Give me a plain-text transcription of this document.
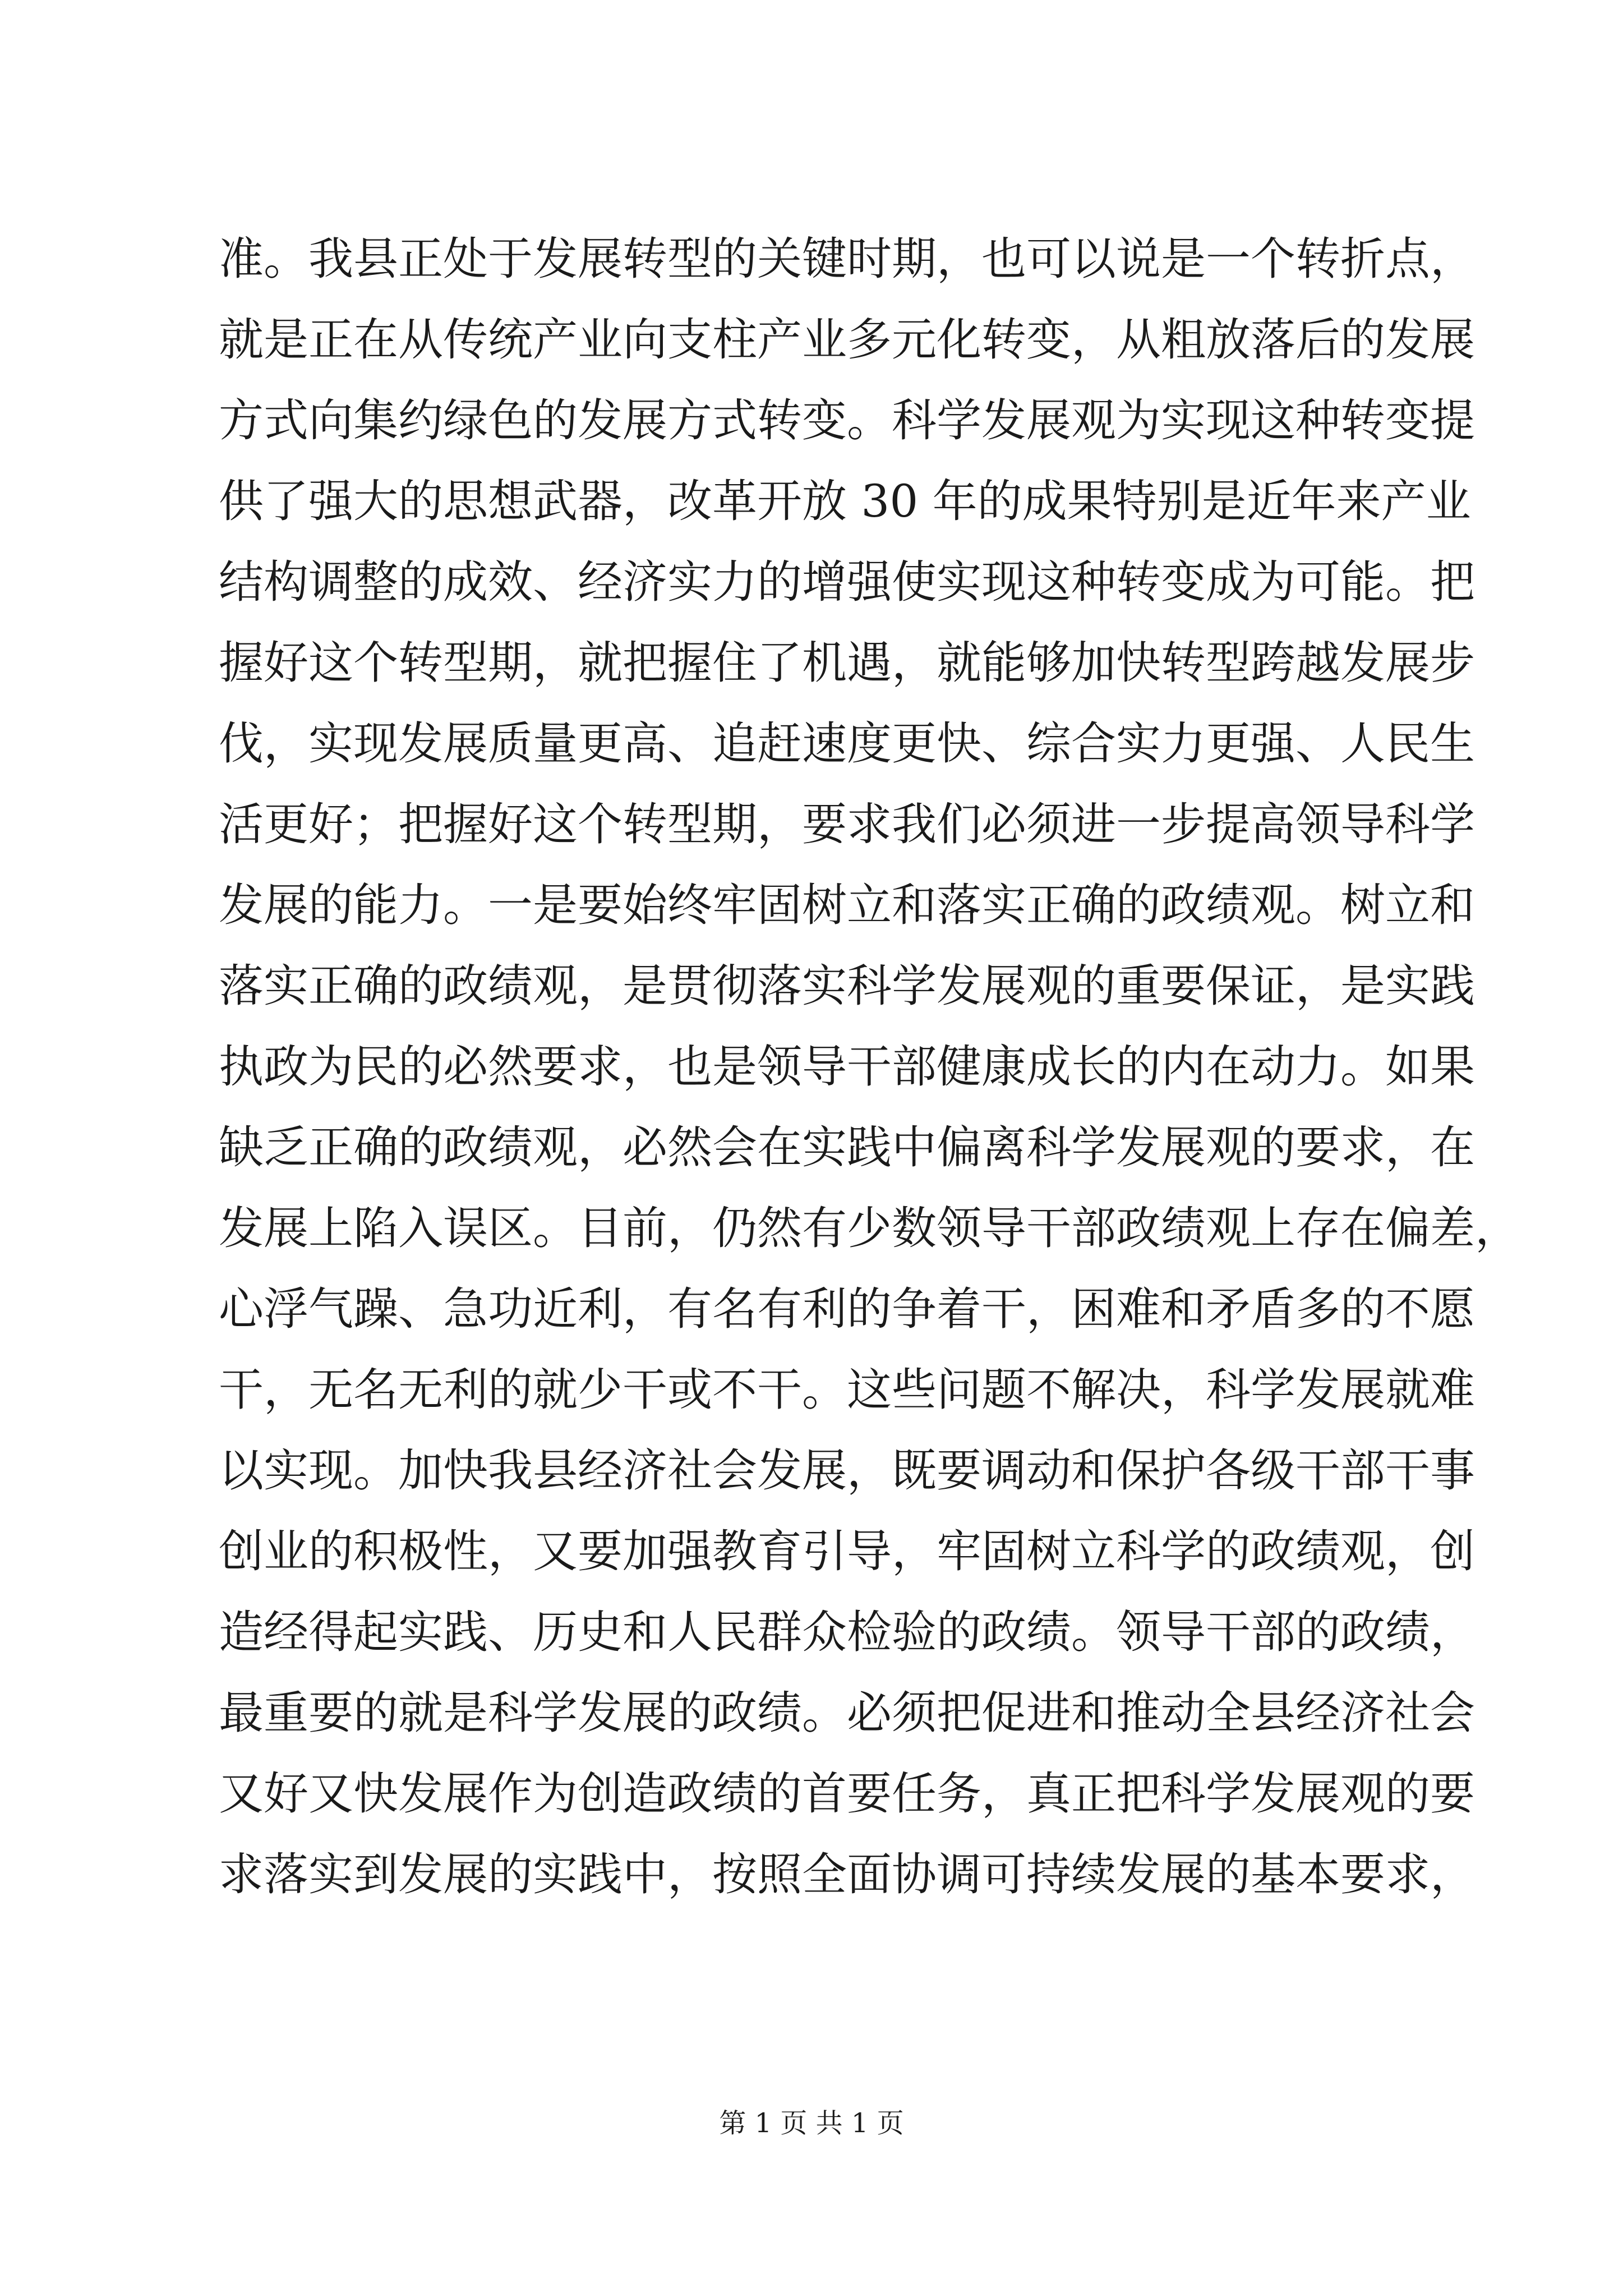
准。我县正处于发展转型的关键时期，也可以说是一个转折点，
就是正在从传统产业向支柱产业多元化转变，从粗放落后的发展
方式向集约绿色的发展方式转变。科学发展观为实现这种转变提
供了强大的思想武器，改革开放 30 年的成果特别是近年来产业
结构调整的成效、经济实力的增强使实现这种转变成为可能。把
握好这个转型期，就把握住了机遇，就能够加快转型跨越发展步
伐，实现发展质量更高、追赶速度更快、综合实力更强、人民生
活更好；把握好这个转型期，要求我们必须进一步提高领导科学
发展的能力。一是要始终牢固树立和落实正确的政绩观。树立和
落实正确的政绩观，是贯彻落实科学发展观的重要保证，是实践
执政为民的必然要求，也是领导干部健康成长的内在动力。如果
缺乏正确的政绩观，必然会在实践中偏离科学发展观的要求，在
发展上陷入误区。目前，仍然有少数领导干部政绩观上存在偏差，
心浮气躁、急功近利，有名有利的争着干，困难和矛盾多的不愿
干，无名无利的就少干或不干。这些问题不解决，科学发展就难
以实现。加快我县经济社会发展，既要调动和保护各级干部干事
创业的积极性，又要加强教育引导，牢固树立科学的政绩观，创
造经得起实践、历史和人民群众检验的政绩。领导干部的政绩，
最重要的就是科学发展的政绩。必须把促进和推动全县经济社会
又好又快发展作为创造政绩的首要任务，真正把科学发展观的要
求落实到发展的实践中，按照全面协调可持续发展的基本要求，
第 1 页 共 1 页
